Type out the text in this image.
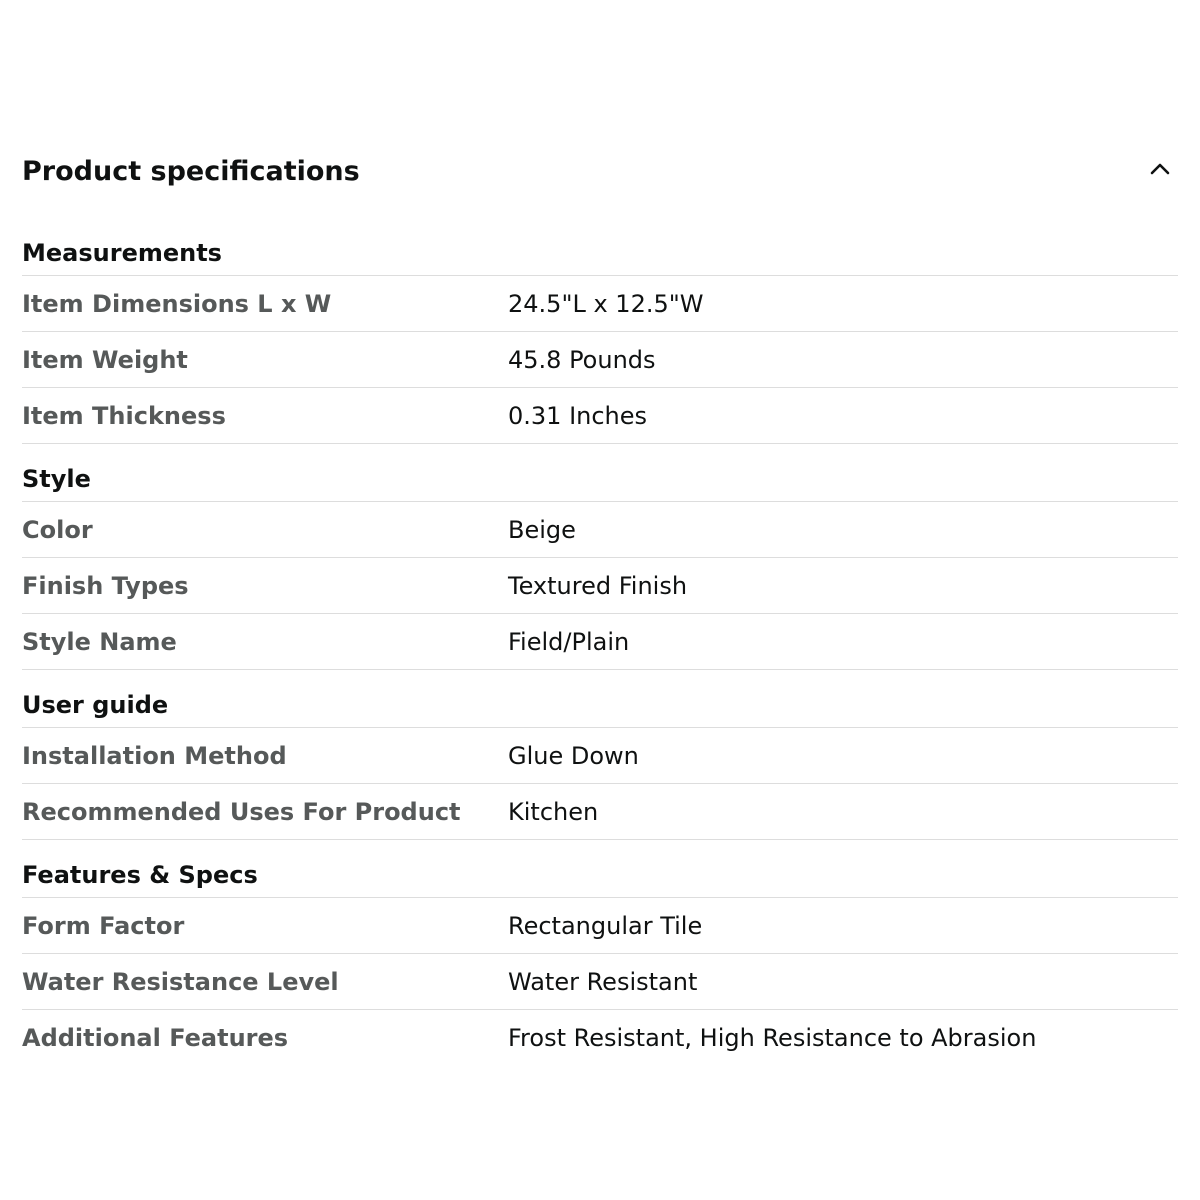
Product specifications
Measurements
Item Dimensions L x W	24.5"L x 12.5"W
Item Weight	45.8 Pounds
Item Thickness	0.31 Inches
Style
Color	Beige
Finish Types	Textured Finish
Style Name	Field/Plain
User guide
Installation Method	Glue Down
Recommended Uses For Product	Kitchen
Features & Specs
Form Factor	Rectangular Tile
Water Resistance Level	Water Resistant
Additional Features	Frost Resistant, High Resistance to Abrasion
